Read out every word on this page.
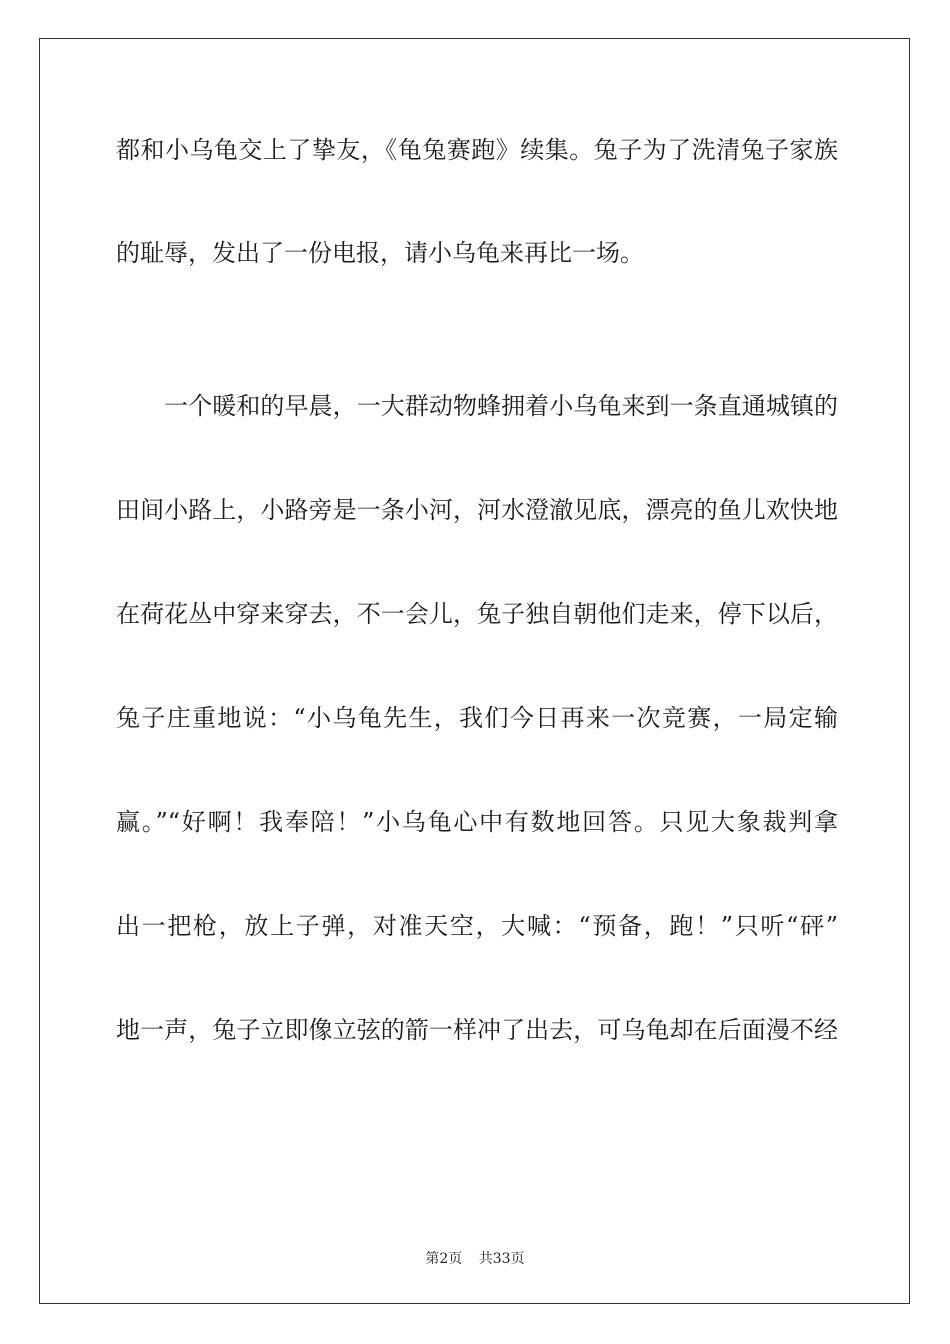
都和小乌龟交上了挚友，《龟兔赛跑》续集。兔子为了洗清兔子家族
的耻辱，发出了一份电报，请小乌龟来再比一场。
　　一个暖和的早晨，一大群动物蜂拥着小乌龟来到一条直通城镇的
田间小路上，小路旁是一条小河，河水澄澈见底，漂亮的鱼儿欢快地
在荷花丛中穿来穿去，不一会儿，兔子独自朝他们走来，停下以后，
兔子庄重地说：“小乌龟先生，我们今日再来一次竞赛，一局定输
赢。”“好啊！我奉陪！”小乌龟心中有数地回答。只见大象裁判拿
出一把枪，放上子弹，对准天空，大喊：“预备，跑！”只听“砰”
地一声，兔子立即像立弦的箭一样冲了出去，可乌龟却在后面漫不经
第2页 共33页
